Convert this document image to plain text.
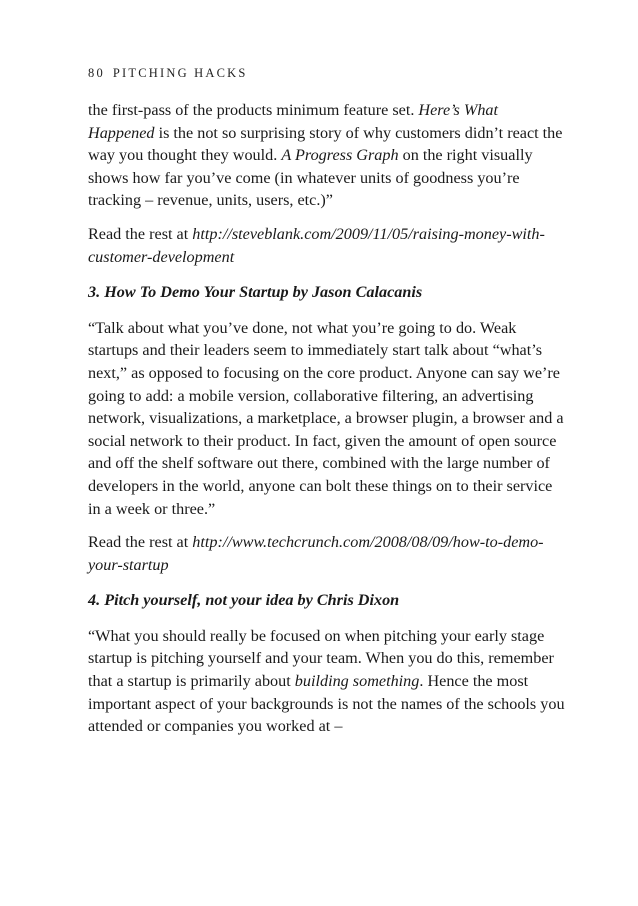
80 PITCHING HACKS

the first-pass of the products minimum feature set. Here’s What Happened is the not so surprising story of why customers didn’t react the way you thought they would. A Progress Graph on the right visually shows how far you’ve come (in whatever units of goodness you’re tracking – revenue, units, users, etc.)”

Read the rest at http://steveblank.com/2009/11/05/raising-money-with-customer-development

3. How To Demo Your Startup by Jason Calacanis

“Talk about what you’ve done, not what you’re going to do. Weak startups and their leaders seem to immediately start talk about “what’s next,” as opposed to focusing on the core product. Anyone can say we’re going to add: a mobile version, collaborative filtering, an advertising network, visualizations, a marketplace, a browser plugin, a browser and a social network to their product. In fact, given the amount of open source and off the shelf software out there, combined with the large number of developers in the world, anyone can bolt these things on to their service in a week or three.”

Read the rest at http://www.techcrunch.com/2008/08/09/how-to-demo-your-startup

4. Pitch yourself, not your idea by Chris Dixon

“What you should really be focused on when pitching your early stage startup is pitching yourself and your team. When you do this, remember that a startup is primarily about building something. Hence the most important aspect of your backgrounds is not the names of the schools you attended or companies you worked at –
